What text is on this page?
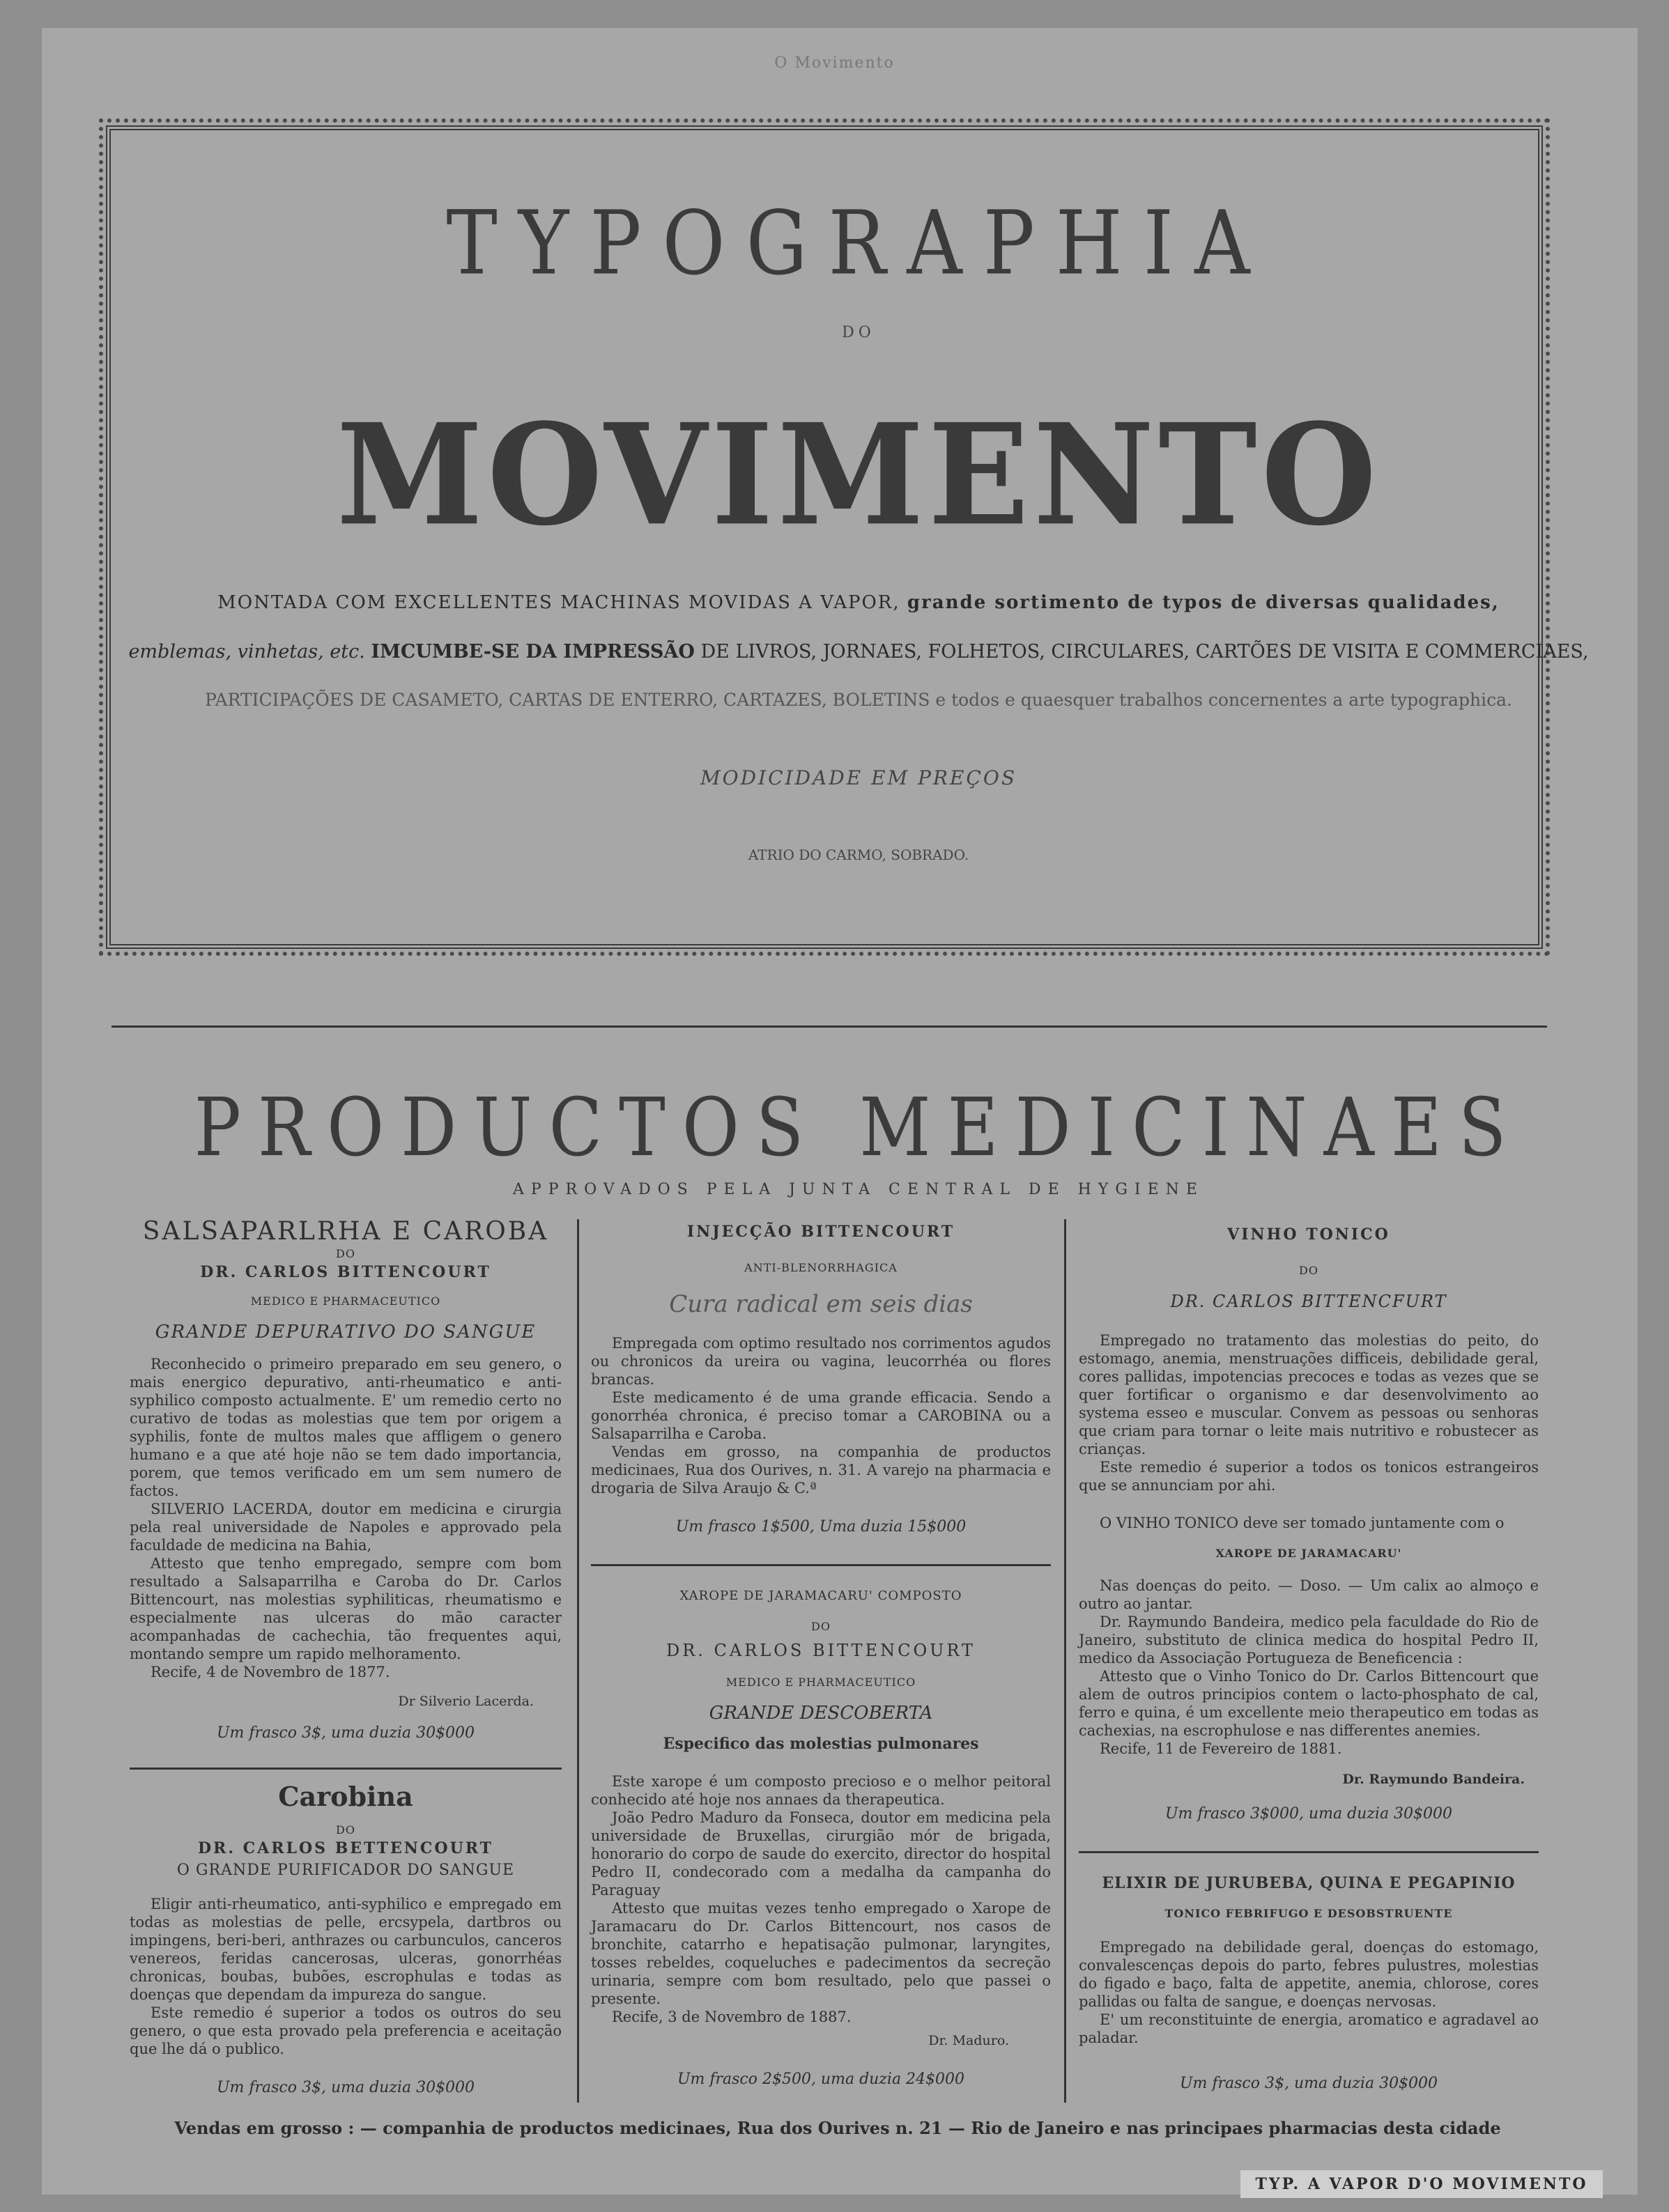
O Movimento
TYPOGRAPHIA
DO
MOVIMENTO
MONTADA COM EXCELLENTES MACHINAS MOVIDAS A VAPOR, grande sortimento de typos de diversas qualidades,
emblemas, vinhetas, etc. IMCUMBE-SE DA IMPRESSÃO DE LIVROS, JORNAES, FOLHETOS, CIRCULARES, CARTÕES DE VISITA E COMMERCIAES,
PARTICIPAÇÕES DE CASAMETO, CARTAS DE ENTERRO, CARTAZES, BOLETINS e todos e quaesquer trabalhos concernentes a arte typographica.
MODICIDADE EM PREÇOS
ATRIO DO CARMO, SOBRADO.
PRODUCTOS MEDICINAES
APPROVADOS PELA JUNTA CENTRAL DE HYGIENE
SALSAPARLRHA E CAROBA
DO
DR. CARLOS BITTENCOURT
MEDICO E PHARMACEUTICO
GRANDE DEPURATIVO DO SANGUE

Reconhecido o primeiro preparado em seu genero, o mais energico depurativo, anti-rheumatico e anti-syphilico composto actualmente. E' um remedio certo no curativo de todas as molestias que tem por origem a syphilis, fonte de multos males que affligem o genero humano e a que até hoje não se tem dado importancia, porem, que temos verificado em um sem numero de factos.

SILVERIO LACERDA, doutor em medicina e cirurgia pela real universidade de Napoles e approvado pela faculdade de medicina na Bahia,

Attesto que tenho empregado, sempre com bom resultado a Salsaparrilha e Caroba do Dr. Carlos Bittencourt, nas molestias syphiliticas, rheumatismo e especialmente nas ulceras do mão caracter acompanhadas de cachechia, tão frequentes aqui, montando sempre um rapido melhoramento.

Recife, 4 de Novembro de 1877.

Dr Silverio Lacerda.
Um frasco 3$, uma duzia 30$000
Carobina
DO
DR. CARLOS BETTENCOURT
O GRANDE PURIFICADOR DO SANGUE

Eligir anti-rheumatico, anti-syphilico e empregado em todas as molestias de pelle, ercsypela, dartbros ou impingens, beri-beri, anthrazes ou carbunculos, canceros venereos, feridas cancerosas, ulceras, gonorrhéas chronicas, boubas, bubões, escrophulas e todas as doenças que dependam da impureza do sangue.

Este remedio é superior a todos os outros do seu genero, o que esta provado pela preferencia e aceitação que lhe dá o publico.

Um frasco 3$, uma duzia 30$000
INJECÇÃO BITTENCOURT
ANTI-BLENORRHAGICA
Cura radical em seis dias

Empregada com optimo resultado nos corrimentos agudos ou chronicos da ureira ou vagina, leucorrhéa ou flores brancas.

Este medicamento é de uma grande efficacia. Sendo a gonorrhéa chronica, é preciso tomar a CAROBINA ou a Salsaparrilha e Caroba.

Vendas em grosso, na companhia de productos medicinaes, Rua dos Ourives, n. 31. A varejo na pharmacia e drogaria de Silva Araujo & C.ª

Um frasco 1$500, Uma duzia 15$000
XAROPE DE JARAMACARU' COMPOSTO
DO
DR. CARLOS BITTENCOURT
MEDICO E PHARMACEUTICO
GRANDE DESCOBERTA
Especifico das molestias pulmonares

Este xarope é um composto precioso e o melhor peitoral conhecido até hoje nos annaes da therapeutica.

João Pedro Maduro da Fonseca, doutor em medicina pela universidade de Bruxellas, cirurgião mór de brigada, honorario do corpo de saude do exercito, director do hospital Pedro II, condecorado com a medalha da campanha do Paraguay

Attesto que muitas vezes tenho empregado o Xarope de Jaramacaru do Dr. Carlos Bittencourt, nos casos de bronchite, catarrho e hepatisação pulmonar, laryngites, tosses rebeldes, coqueluches e padecimentos da secreção urinaria, sempre com bom resultado, pelo que passei o presente.

Recife, 3 de Novembro de 1887.

Dr. Maduro.
Um frasco 2$500, uma duzia 24$000
VINHO TONICO
DO
DR. CARLOS BITTENCFURT

Empregado no tratamento das molestias do peito, do estomago, anemia, menstruações difficeis, debilidade geral, cores pallidas, impotencias precoces e todas as vezes que se quer fortificar o organismo e dar desenvolvimento ao systema esseo e muscular. Convem as pessoas ou senhoras que criam para tornar o leite mais nutritivo e robustecer as crianças.

Este remedio é superior a todos os tonicos estrangeiros que se annunciam por ahi.

O VINHO TONICO deve ser tomado juntamente com o

XAROPE DE JARAMACARU'

Nas doenças do peito. — Doso. — Um calix ao almoço e outro ao jantar.

Dr. Raymundo Bandeira, medico pela faculdade do Rio de Janeiro, substituto de clinica medica do hospital Pedro II, medico da Associação Portugueza de Beneficencia :

Attesto que o Vinho Tonico do Dr. Carlos Bittencourt que alem de outros principios contem o lacto-phosphato de cal, ferro e quina, é um excellente meio therapeutico em todas as cachexias, na escrophulose e nas differentes anemies.

Recife, 11 de Fevereiro de 1881.

Dr. Raymundo Bandeira.
Um frasco 3$000, uma duzia 30$000
ELIXIR DE JURUBEBA, QUINA E PEGAPINIO
TONICO FEBRIFUGO E DESOBSTRUENTE

Empregado na debilidade geral, doenças do estomago, convalescenças depois do parto, febres pulustres, molestias do figado e baço, falta de appetite, anemia, chlorose, cores pallidas ou falta de sangue, e doenças nervosas.

E' um reconstituinte de energia, aromatico e agradavel ao paladar.

Um frasco 3$, uma duzia 30$000
Vendas em grosso : — companhia de productos medicinaes, Rua dos Ourives n. 21 — Rio de Janeiro e nas principaes pharmacias desta cidade
TYP. A VAPOR D'O MOVIMENTO
